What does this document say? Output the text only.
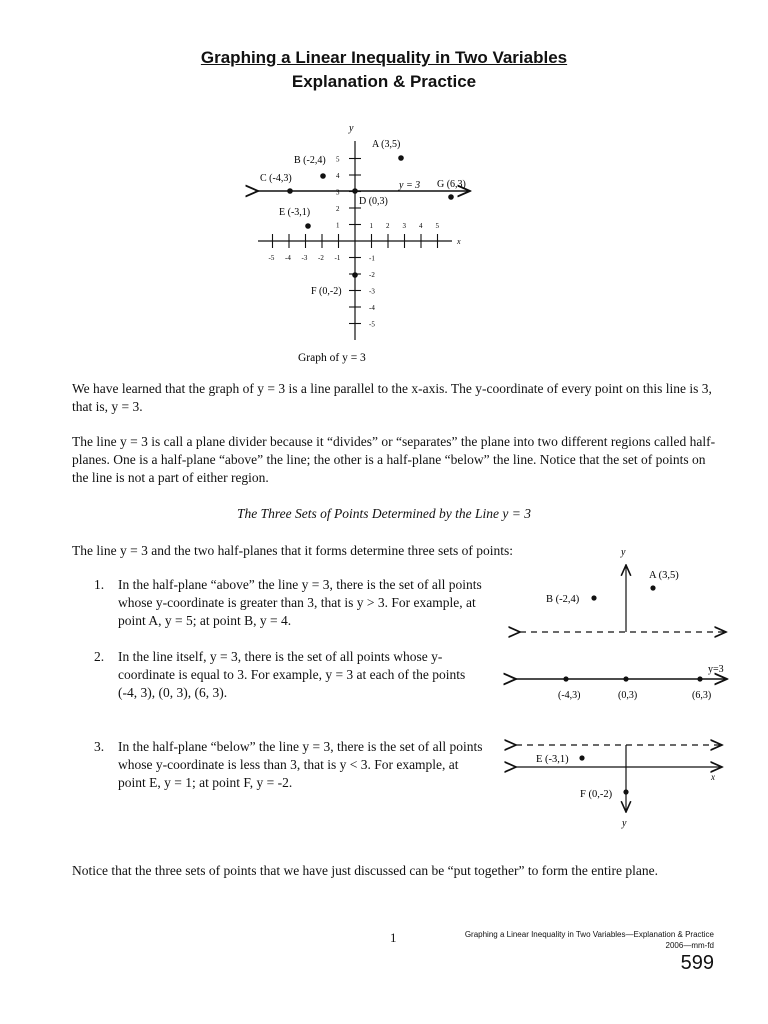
Graphing a Linear Inequality in Two Variables
Explanation & Practice
1 2 3 4 5
-5 -4 -3 -2 -1
1
2
3
4
5
-1
-2
-3
-4
-5
y
x
A (3,5)
B (-2,4)
C (-4,3)
D (0,3)
E (-3,1)
F (0,-2)
G (6,3)
y = 3
Graph of y = 3
We have learned that the graph of y = 3 is a line parallel to the x-axis. The y-coordinate of every point on this line is 3, that is, y = 3.
The line y = 3 is call a plane divider because it “divides” or “separates” the plane into two different regions called half-planes. One is a half-plane “above” the line; the other is a half-plane “below” the line. Notice that the set of points on the line is not a part of either region.
The Three Sets of Points Determined by the Line y = 3
The line y = 3 and the two half-planes that it forms determine three sets of points:
1. In the half-plane “above” the line y = 3, there is the set of all points whose y-coordinate is greater than 3, that is y > 3. For example, at point A, y = 5; at point B, y = 4.
2. In the line itself, y = 3, there is the set of all points whose y-coordinate is equal to 3. For example, y = 3 at each of the points (-4, 3), (0, 3), (6, 3).
3. In the half-plane “below” the line y = 3, there is the set of all points whose y-coordinate is less than 3, that is y < 3. For example, at point E, y = 1; at point F, y = -2.
y
A (3,5)
B (-2,4)
y=3
(-4,3)	(0,3)	(6,3)
E (-3,1)
F (0,-2)
x
y
Notice that the three sets of points that we have just discussed can be “put together” to form the entire plane.
1	Graphing a Linear Inequality in Two Variables—Explanation & Practice
2006—mm-fd
599
